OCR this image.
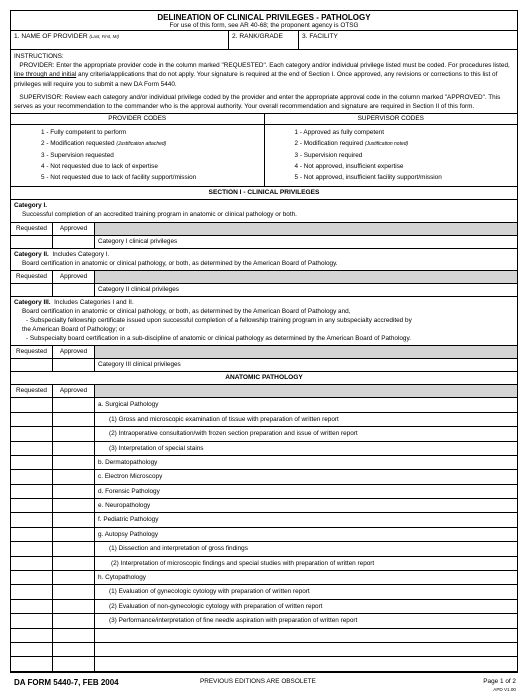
DELINEATION OF CLINICAL PRIVILEGES - PATHOLOGY
For use of this form, see AR 40-68; the proponent agency is OTSG
1. NAME OF PROVIDER (Last, First, MI)	2. RANK/GRADE	3. FACILITY

INSTRUCTIONS:

PROVIDER: Enter the appropriate provider code in the column marked "REQUESTED". Each category and/or individual privilege listed must be coded. For procedures listed, line through and initial any criteria/applications that do not apply. Your signature is required at the end of Section I. Once approved, any revisions or corrections to this list of privileges will require you to submit a new DA Form 5440.

SUPERVISOR: Review each category and/or individual privilege coded by the provider and enter the appropriate approval code in the column marked "APPROVED". This serves as your recommendation to the commander who is the approval authority. Your overall recommendation and signature are required in Section II of this form.

PROVIDER CODES
1 - Fully competent to perform
2 - Modification requested (Justification attached)
3 - Supervision requested
4 - Not requested due to lack of expertise
5 - Not requested due to lack of facility support/mission
SUPERVISOR CODES
1 - Approved as fully competent
2 - Modification required (Justification noted)
3 - Supervision required
4 - Not approved, insufficient expertise
5 - Not approved, insufficient facility support/mission
SECTION I - CLINICAL PRIVILEGES

Category I.

Successful completion of an accredited training program in anatomic or clinical pathology or both.

Requested	Approved
Category I clinical privileges

Category II. Includes Category I.

Board certification in anatomic or clinical pathology, or both, as determined by the American Board of Pathology.

Requested	Approved
Category II clinical privileges

Category III. Includes Categories I and II.

Board certification in anatomic or clinical pathology, or both, as determined by the American Board of Pathology and,

- Subspecialty fellowship certificate issued upon successful completion of a fellowship training program in any subspecialty accredited by

the American Board of Pathology; or

- Subspecialty board certification in a sub-discipline of anatomic or clinical pathology as determined by the American Board of Pathology.

Requested	Approved
Category III clinical privileges
ANATOMIC PATHOLOGY
Requested	Approved
a. Surgical Pathology
(1) Gross and microscopic examination of tissue with preparation of written report
(2) Intraoperative consultation/with frozen section preparation and issue of written report
(3) Interpretation of special stains
b. Dermatopathology
c. Electron Microscopy
d. Forensic Pathology
e. Neuropathology
f. Pediatric Pathology
g. Autopsy Pathology
(1) Dissection and interpretation of gross findings
(2) Interpretation of microscopic findings and special studies with preparation of written report
h. Cytopathology
(1) Evaluation of gynecologic cytology with preparation of written report
(2) Evaluation of non-gynecologic cytology with preparation of written report
(3) Performance/interpretation of fine needle aspiration with preparation of written report
DA FORM 5440-7, FEB 2004	PREVIOUS EDITIONS ARE OBSOLETE	Page 1 of 2
APD V1.00
